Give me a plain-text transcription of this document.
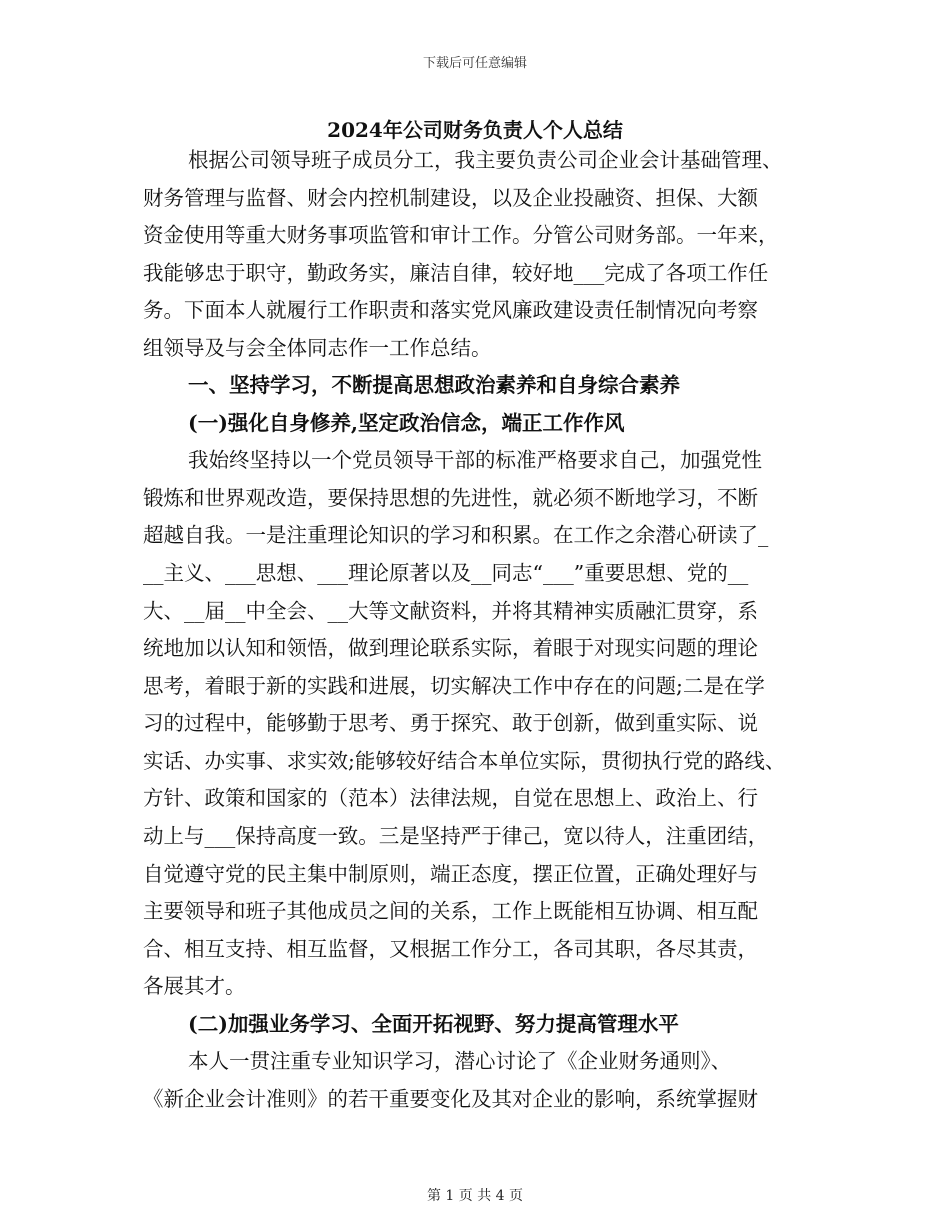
下载后可任意编辑
2024年公司财务负责人个人总结
根据公司领导班子成员分工，我主要负责公司企业会计基础管理、
财务管理与监督、财会内控机制建设，以及企业投融资、担保、大额
资金使用等重大财务事项监管和审计工作。分管公司财务部。一年来，
我能够忠于职守，勤政务实，廉洁自律，较好地___完成了各项工作任
务。下面本人就履行工作职责和落实党风廉政建设责任制情况向考察
组领导及与会全体同志作一工作总结。
一、坚持学习，不断提高思想政治素养和自身综合素养
(一)强化自身修养,坚定政治信念，端正工作作风
我始终坚持以一个党员领导干部的标准严格要求自己，加强党性
锻炼和世界观改造，要保持思想的先进性，就必须不断地学习，不断
超越自我。一是注重理论知识的学习和积累。在工作之余潜心研读了_
__主义、___思想、___理论原著以及__同志“___”重要思想、党的__
大、__届__中全会、__大等文献资料，并将其精神实质融汇贯穿，系
统地加以认知和领悟，做到理论联系实际，着眼于对现实问题的理论
思考，着眼于新的实践和进展，切实解决工作中存在的问题;二是在学
习的过程中，能够勤于思考、勇于探究、敢于创新，做到重实际、说
实话、办实事、求实效;能够较好结合本单位实际，贯彻执行党的路线、
方针、政策和国家的（范本）法律法规，自觉在思想上、政治上、行
动上与___保持高度一致。三是坚持严于律己，宽以待人，注重团结，
自觉遵守党的民主集中制原则，端正态度，摆正位置，正确处理好与
主要领导和班子其他成员之间的关系，工作上既能相互协调、相互配
合、相互支持、相互监督，又根据工作分工，各司其职，各尽其责，
各展其才。
(二)加强业务学习、全面开拓视野、努力提高管理水平
本人一贯注重专业知识学习，潜心讨论了《企业财务通则》、
《新企业会计准则》的若干重要变化及其对企业的影响，系统掌握财
第 1 页 共 4 页
